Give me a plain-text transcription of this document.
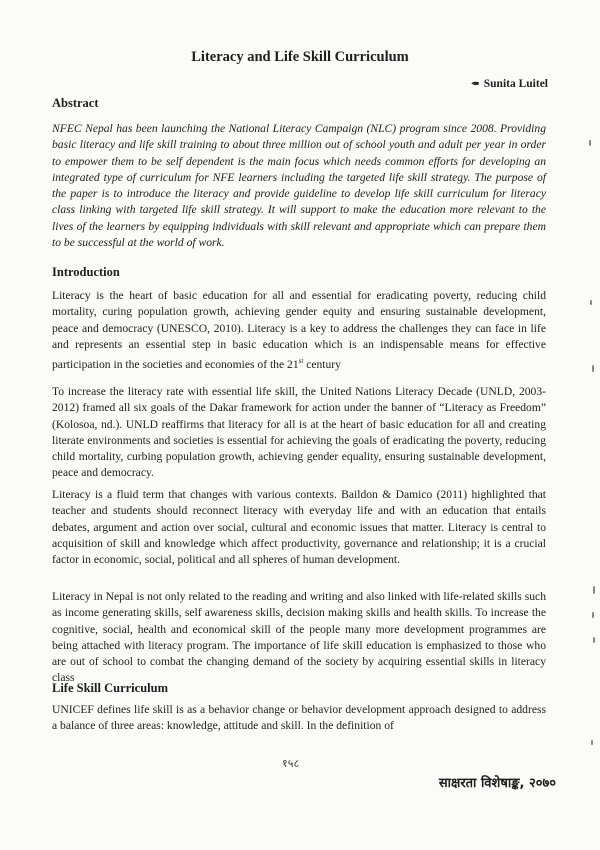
Literacy and Life Skill Curriculum
✒ Sunita Luitel
Abstract

NFEC Nepal has been launching the National Literacy Campaign (NLC) program since 2008. Providing basic literacy and life skill training to about three million out of school youth and adult per year in order to empower them to be self dependent is the main focus which needs common efforts for developing an integrated type of curriculum for NFE learners including the targeted life skill strategy. The purpose of the paper is to introduce the literacy and provide guideline to develop life skill curriculum for literacy class linking with targeted life skill strategy. It will support to make the education more relevant to the lives of the learners by equipping individuals with skill relevant and appropriate which can prepare them to be successful at the world of work.

Introduction

Literacy is the heart of basic education for all and essential for eradicating poverty, reducing child mortality, curing population growth, achieving gender equity and ensuring sustainable development, peace and democracy (UNESCO, 2010). Literacy is a key to address the challenges they can face in life and represents an essential step in basic education which is an indispensable means for effective participation in the societies and economies of the 21st century

To increase the literacy rate with essential life skill, the United Nations Literacy Decade (UNLD, 2003-2012) framed all six goals of the Dakar framework for action under the banner of “Literacy as Freedom” (Kolosoa, nd.). UNLD reaffirms that literacy for all is at the heart of basic education for all and creating literate environments and societies is essential for achieving the goals of eradicating the poverty, reducing child mortality, curbing population growth, achieving gender equality, ensuring sustainable development, peace and democracy.

Literacy is a fluid term that changes with various contexts. Baildon & Damico (2011) highlighted that teacher and students should reconnect literacy with everyday life and with an education that entails debates, argument and action over social, cultural and economic issues that matter. Literacy is central to acquisition of skill and knowledge which affect productivity, governance and relationship; it is a crucial factor in economic, social, political and all spheres of human development.

Literacy in Nepal is not only related to the reading and writing and also linked with life-related skills such as income generating skills, self awareness skills, decision making skills and health skills. To increase the cognitive, social, health and economical skill of the people many more development programmes are being attached with literacy program. The importance of life skill education is emphasized to those who are out of school to combat the changing demand of the society by acquiring essential skills in literacy class

Life Skill Curriculum

UNICEF defines life skill is as a behavior change or behavior development approach designed to address a balance of three areas: knowledge, attitude and skill. In the definition of

१५८
साक्षरता विशेषाङ्क, २०७०
